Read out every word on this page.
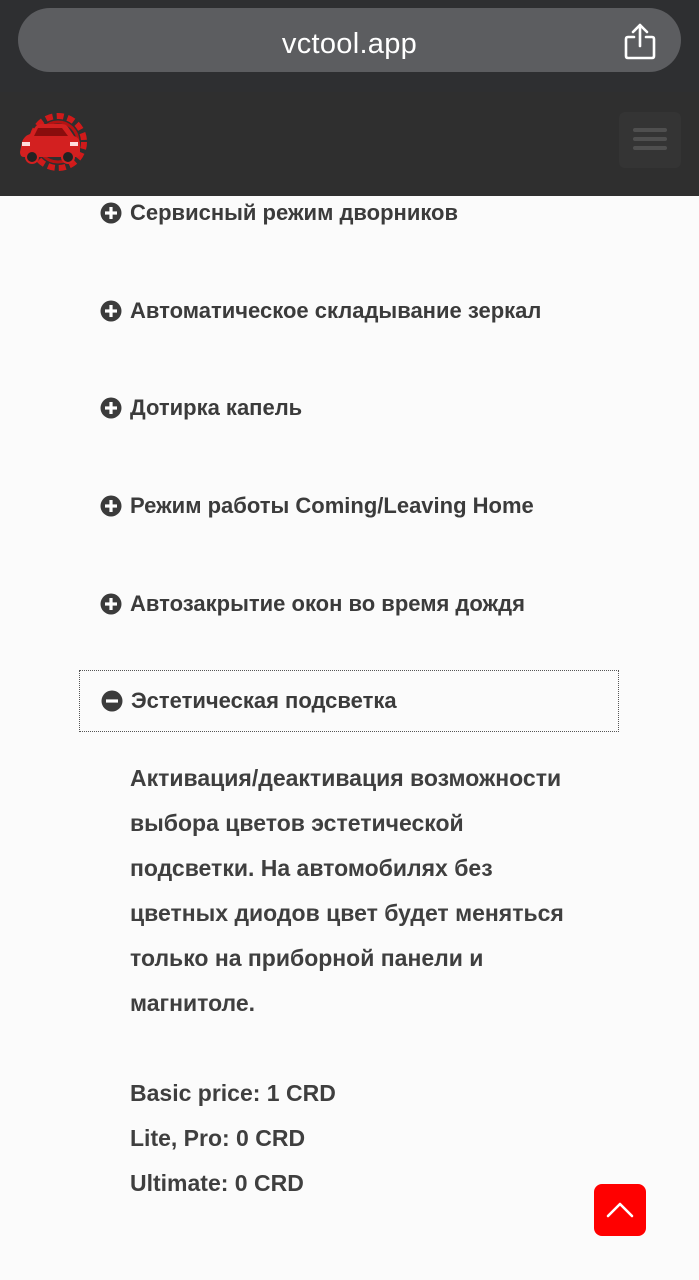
vctool.app
Сервисный режим дворников
Автоматическое складывание зеркал
Дотирка капель
Режим работы Coming/Leaving Home
Автозакрытие окон во время дождя
Эстетическая подсветка
Активация/деактивация возможности
выбора цветов эстетической
подсветки. На автомобилях без
цветных диодов цвет будет меняться
только на приборной панели и
магнитоле.
Basic price: 1 CRD
Lite, Pro: 0 CRD
Ultimate: 0 CRD
